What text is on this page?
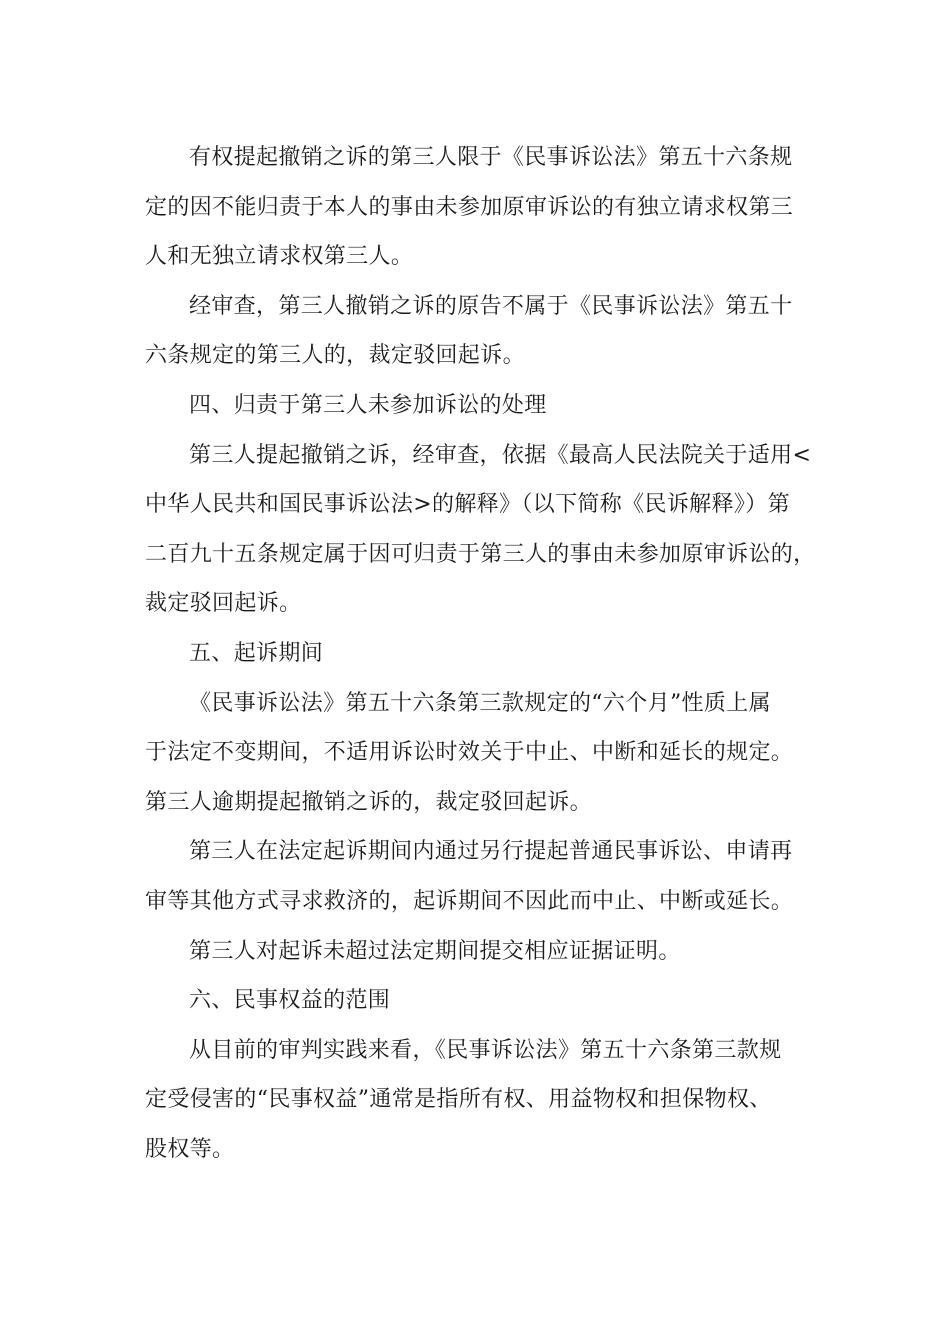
有权提起撤销之诉的第三人限于《民事诉讼法》第五十六条规
定的因不能归责于本人的事由未参加原审诉讼的有独立请求权第三
人和无独立请求权第三人。
经审查，第三人撤销之诉的原告不属于《民事诉讼法》第五十
六条规定的第三人的，裁定驳回起诉。
四、归责于第三人未参加诉讼的处理
第三人提起撤销之诉，经审查，依据《最高人民法院关于适用<
中华人民共和国民事诉讼法>的解释》（以下简称《民诉解释》）第
二百九十五条规定属于因可归责于第三人的事由未参加原审诉讼的，
裁定驳回起诉。
五、起诉期间
《民事诉讼法》第五十六条第三款规定的“六个月”性质上属
于法定不变期间，不适用诉讼时效关于中止、中断和延长的规定。
第三人逾期提起撤销之诉的，裁定驳回起诉。
第三人在法定起诉期间内通过另行提起普通民事诉讼、申请再
审等其他方式寻求救济的，起诉期间不因此而中止、中断或延长。
第三人对起诉未超过法定期间提交相应证据证明。
六、民事权益的范围
从目前的审判实践来看，《民事诉讼法》第五十六条第三款规
定受侵害的“民事权益”通常是指所有权、用益物权和担保物权、
股权等。
